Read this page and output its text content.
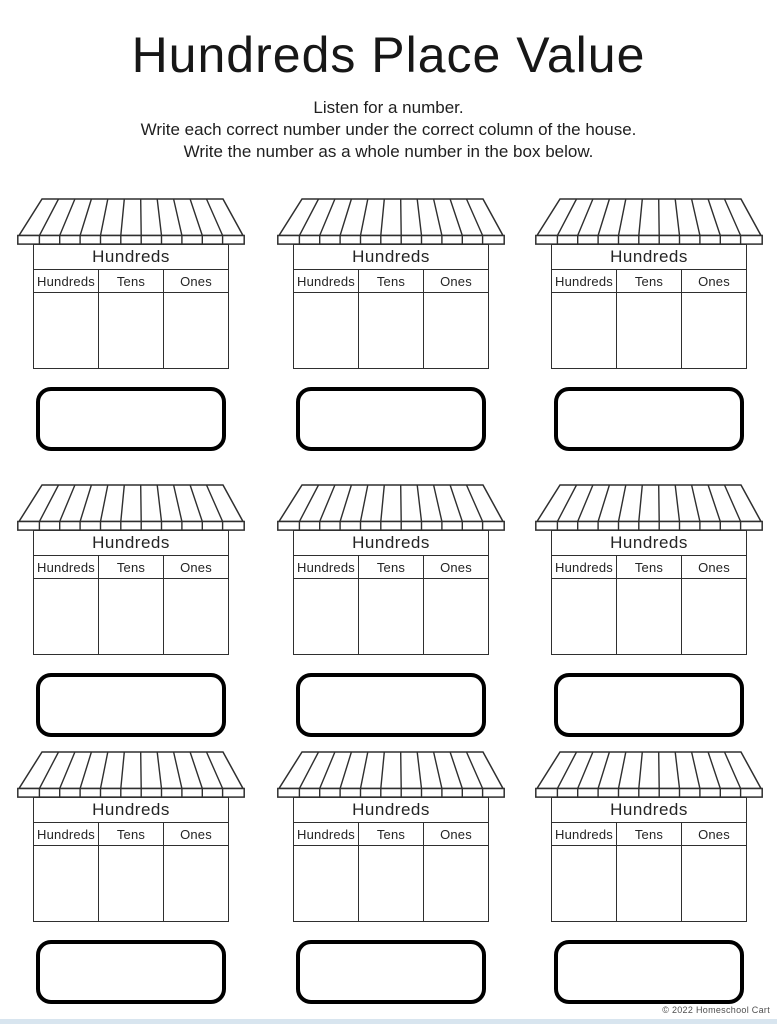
Hundreds Place Value
Listen for a number.
Write each correct number under the correct column of the house.
Write the number as a whole number in the box below.
Hundreds
Hundreds	Tens	Ones
Hundreds
Hundreds	Tens	Ones
Hundreds
Hundreds	Tens	Ones
Hundreds
Hundreds	Tens	Ones
Hundreds
Hundreds	Tens	Ones
Hundreds
Hundreds	Tens	Ones
Hundreds
Hundreds	Tens	Ones
Hundreds
Hundreds	Tens	Ones
Hundreds
Hundreds	Tens	Ones
© 2022 Homeschool Cart
